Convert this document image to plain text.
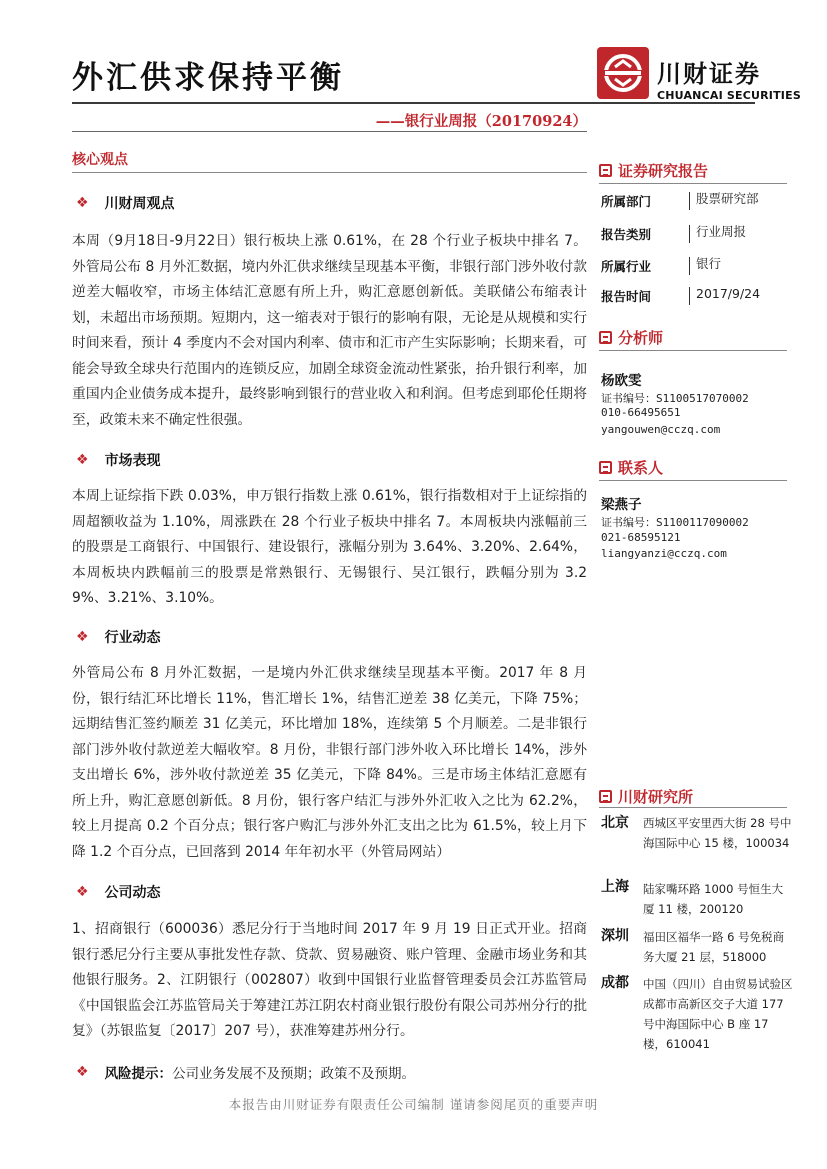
外汇供求保持平衡
——银行业周报（20170924）
川财证券
CHUANCAI SECURITIES
核心观点
❖ 川财周观点
本周（9月18日-9月22日）银行板块上涨 0.61%，在 28 个行业子板块中排名 7。外管局公布 8 月外汇数据，境内外汇供求继续呈现基本平衡，非银行部门涉外收付款逆差大幅收窄，市场主体结汇意愿有所上升，购汇意愿创新低。美联储公布缩表计划，未超出市场预期。短期内，这一缩表对于银行的影响有限，无论是从规模和实行时间来看，预计 4 季度内不会对国内利率、债市和汇市产生实际影响；长期来看，可能会导致全球央行范围内的连锁反应，加剧全球资金流动性紧张，抬升银行利率，加重国内企业债务成本提升，最终影响到银行的营业收入和利润。但考虑到耶伦任期将至，政策未来不确定性很强。
❖ 市场表现
本周上证综指下跌 0.03%，申万银行指数上涨 0.61%，银行指数相对于上证综指的周超额收益为 1.10%，周涨跌在 28 个行业子板块中排名 7。本周板块内涨幅前三的股票是工商银行、中国银行、建设银行，涨幅分别为 3.64%、3.20%、2.64%，本周板块内跌幅前三的股票是常熟银行、无锡银行、吴江银行，跌幅分别为 3.29%、3.21%、3.10%。
❖ 行业动态
外管局公布 8 月外汇数据，一是境内外汇供求继续呈现基本平衡。2017 年 8 月份，银行结汇环比增长 11%，售汇增长 1%，结售汇逆差 38 亿美元，下降 75%；远期结售汇签约顺差 31 亿美元，环比增加 18%，连续第 5 个月顺差。二是非银行部门涉外收付款逆差大幅收窄。8 月份，非银行部门涉外收入环比增长 14%，涉外支出增长 6%，涉外收付款逆差 35 亿美元，下降 84%。三是市场主体结汇意愿有所上升，购汇意愿创新低。8 月份，银行客户结汇与涉外外汇收入之比为 62.2%，较上月提高 0.2 个百分点；银行客户购汇与涉外外汇支出之比为 61.5%，较上月下降 1.2 个百分点，已回落到 2014 年年初水平（外管局网站）
❖ 公司动态
1、招商银行（600036）悉尼分行于当地时间 2017 年 9 月 19 日正式开业。招商银行悉尼分行主要从事批发性存款、贷款、贸易融资、账户管理、金融市场业务和其他银行服务。2、江阴银行（002807）收到中国银行业监督管理委员会江苏监管局《中国银监会江苏监管局关于筹建江苏江阴农村商业银行股份有限公司苏州分行的批复》（苏银监复〔2017〕207 号），获准筹建苏州分行。
❖ 风险提示：公司业务发展不及预期；政策不及预期。
证券研究报告
所属部门	股票研究部
报告类别	行业周报
所属行业	银行
报告时间	2017/9/24
分析师
杨欧雯
证书编号：S1100517070002
010-66495651
yangouwen@cczq.com
联系人
梁燕子
证书编号：S1100117090002
021-68595121
liangyanzi@cczq.com
川财研究所
北京 西城区平安里西大街 28 号中海国际中心 15 楼，100034
上海 陆家嘴环路 1000 号恒生大厦 11 楼，200120
深圳 福田区福华一路 6 号免税商务大厦 21 层，518000
成都 中国（四川）自由贸易试验区成都市高新区交子大道 177 号中海国际中心 B 座 17 楼，610041
本报告由川财证券有限责任公司编制 谨请参阅尾页的重要声明
